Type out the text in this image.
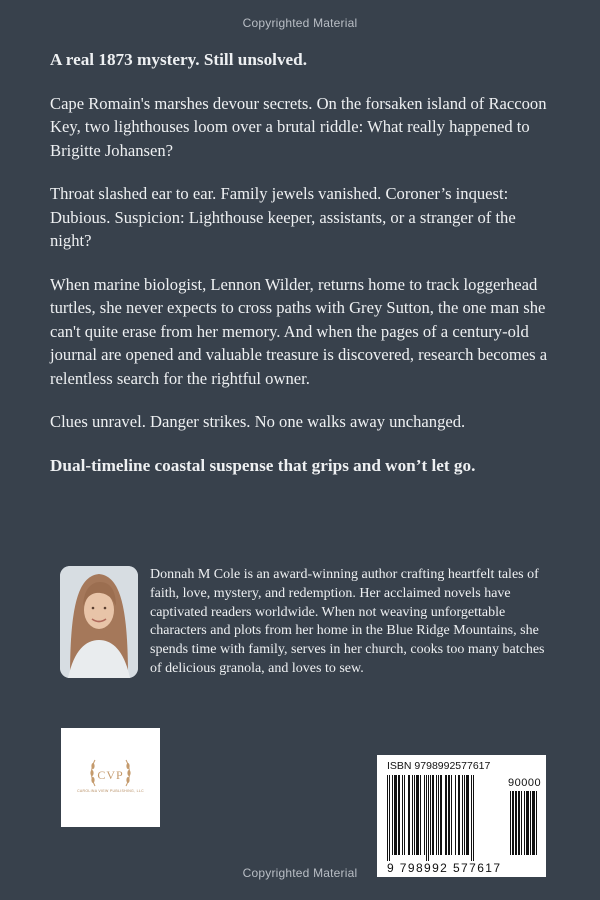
Copyrighted Material

A real 1873 mystery. Still unsolved.

Cape Romain's marshes devour secrets. On the forsaken island of Raccoon Key, two lighthouses loom over a brutal riddle: What really happened to Brigitte Johansen?

Throat slashed ear to ear. Family jewels vanished. Coroner’s inquest: Dubious. Suspicion: Lighthouse keeper, assistants, or a stranger of the night?

When marine biologist, Lennon Wilder, returns home to track loggerhead turtles, she never expects to cross paths with Grey Sutton, the one man she can't quite erase from her memory. And when the pages of a century-old journal are opened and valuable treasure is discovered, research becomes a relentless search for the rightful owner.

Clues unravel. Danger strikes. No one walks away unchanged.

Dual-timeline coastal suspense that grips and won’t let go.

Donnah M Cole is an award-winning author crafting heartfelt tales of faith, love, mystery, and redemption. Her acclaimed novels have captivated readers worldwide. When not weaving unforgettable characters and plots from her home in the Blue Ridge Mountains, she spends time with family, serves in her church, cooks too many batches of delicious granola, and loves to sew.
CVP
CAROLINA VIEW PUBLISHING, LLC
ISBN 9798992577617
90000
9 798992 577617
Copyrighted Material
